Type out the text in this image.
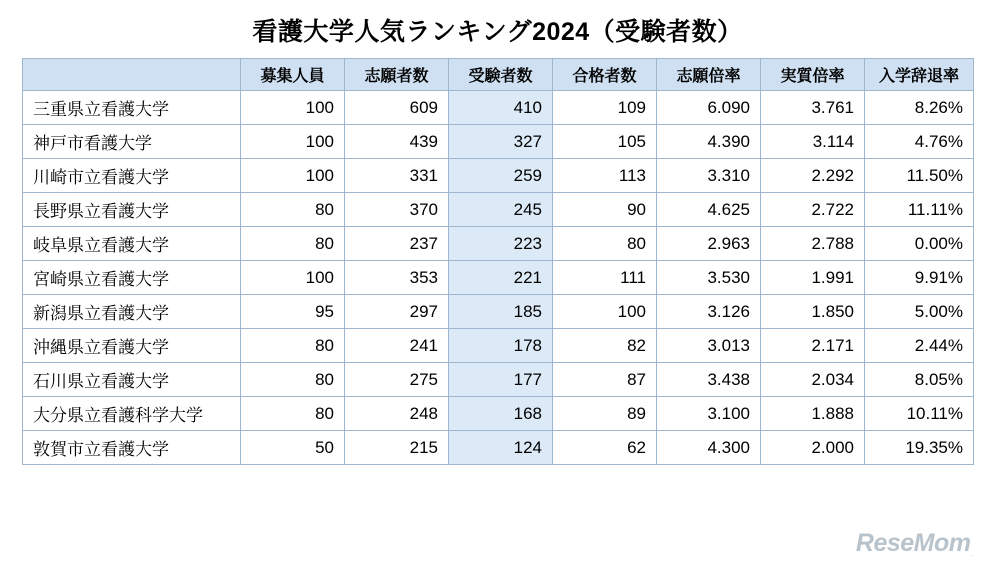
看護大学人気ランキング2024（受験者数）
	募集人員	志願者数	受験者数	合格者数	志願倍率	実質倍率	入学辞退率
三重県立看護大学	100	609	410	109	6.090	3.761	8.26%
神戸市看護大学	100	439	327	105	4.390	3.114	4.76%
川崎市立看護大学	100	331	259	113	3.310	2.292	11.50%
長野県立看護大学	80	370	245	90	4.625	2.722	11.11%
岐阜県立看護大学	80	237	223	80	2.963	2.788	0.00%
宮崎県立看護大学	100	353	221	111	3.530	1.991	9.91%
新潟県立看護大学	95	297	185	100	3.126	1.850	5.00%
沖縄県立看護大学	80	241	178	82	3.013	2.171	2.44%
石川県立看護大学	80	275	177	87	3.438	2.034	8.05%
大分県立看護科学大学	80	248	168	89	3.100	1.888	10.11%
敦賀市立看護大学	50	215	124	62	4.300	2.000	19.35%
ReseMom.
